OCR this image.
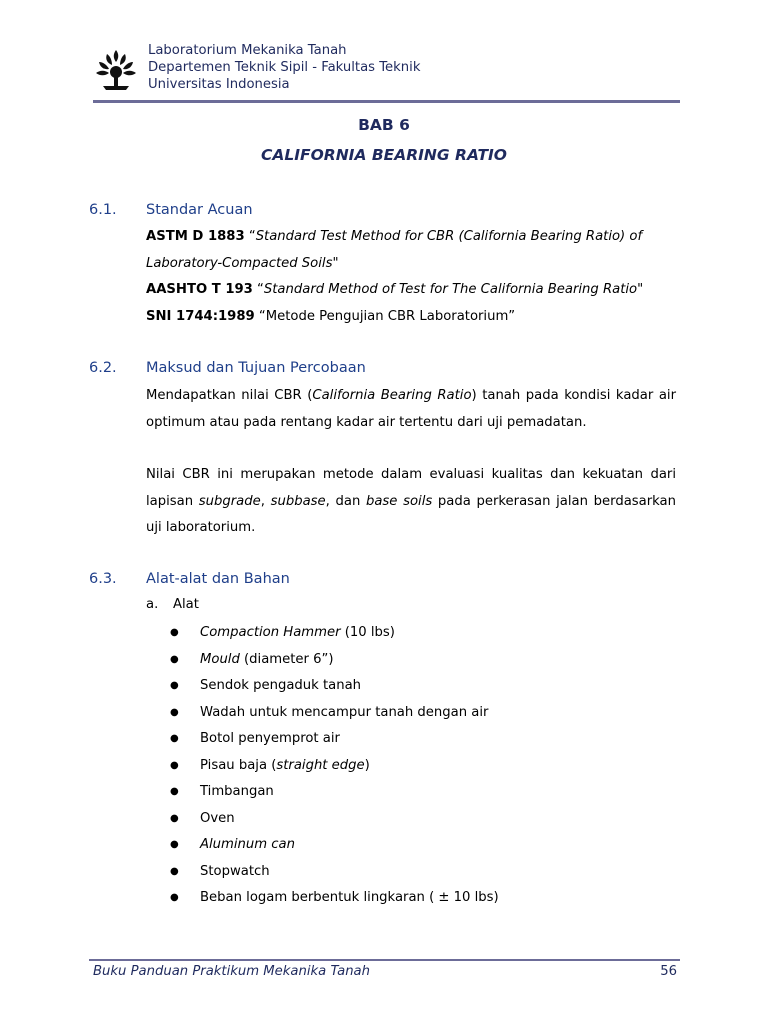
Laboratorium Mekanika Tanah
Departemen Teknik Sipil - Fakultas Teknik
Universitas Indonesia
BAB 6
CALIFORNIA BEARING RATIO
6.1. Standar Acuan
ASTM D 1883 “Standard Test Method for CBR (California Bearing Ratio) of
Laboratory-Compacted Soils"
AASHTO T 193 “Standard Method of Test for The California Bearing Ratio"
SNI 1744:1989 “Metode Pengujian CBR Laboratorium”
6.2. Maksud dan Tujuan Percobaan
Mendapatkan nilai CBR (California Bearing Ratio) tanah pada kondisi kadar air
optimum atau pada rentang kadar air tertentu dari uji pemadatan.
Nilai CBR ini merupakan metode dalam evaluasi kualitas dan kekuatan dari
lapisan subgrade, subbase, dan base soils pada perkerasan jalan berdasarkan
uji laboratorium.
6.3. Alat-alat dan Bahan
a. Alat
● Compaction Hammer (10 lbs)
● Mould (diameter 6”)
● Sendok pengaduk tanah
● Wadah untuk mencampur tanah dengan air
● Botol penyemprot air
● Pisau baja (straight edge)
● Timbangan
● Oven
● Aluminum can
● Stopwatch
● Beban logam berbentuk lingkaran ( ± 10 lbs)
Buku Panduan Praktikum Mekanika Tanah	56
